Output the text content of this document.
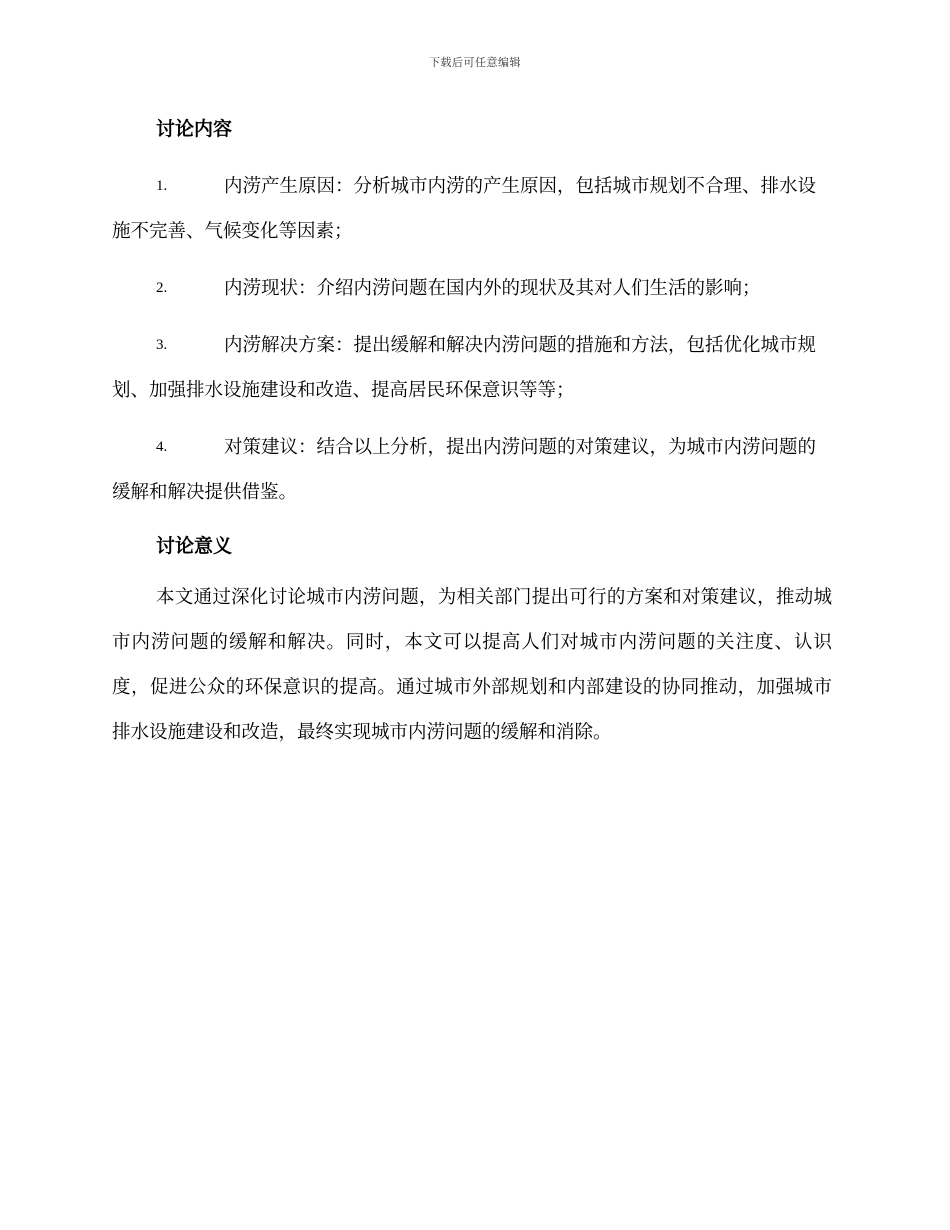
下载后可任意编辑
讨论内容

1.	内涝产生原因：分析城市内涝的产生原因，包括城市规划不合理、排水设施不完善、气候变化等因素；

2.	内涝现状：介绍内涝问题在国内外的现状及其对人们生活的影响；

3.	内涝解决方案：提出缓解和解决内涝问题的措施和方法，包括优化城市规划、加强排水设施建设和改造、提高居民环保意识等等；

4.	对策建议：结合以上分析，提出内涝问题的对策建议，为城市内涝问题的缓解和解决提供借鉴。

讨论意义

本文通过深化讨论城市内涝问题，为相关部门提出可行的方案和对策建议，推动城市内涝问题的缓解和解决。同时，本文可以提高人们对城市内涝问题的关注度、认识度，促进公众的环保意识的提高。通过城市外部规划和内部建设的协同推动，加强城市排水设施建设和改造，最终实现城市内涝问题的缓解和消除。
